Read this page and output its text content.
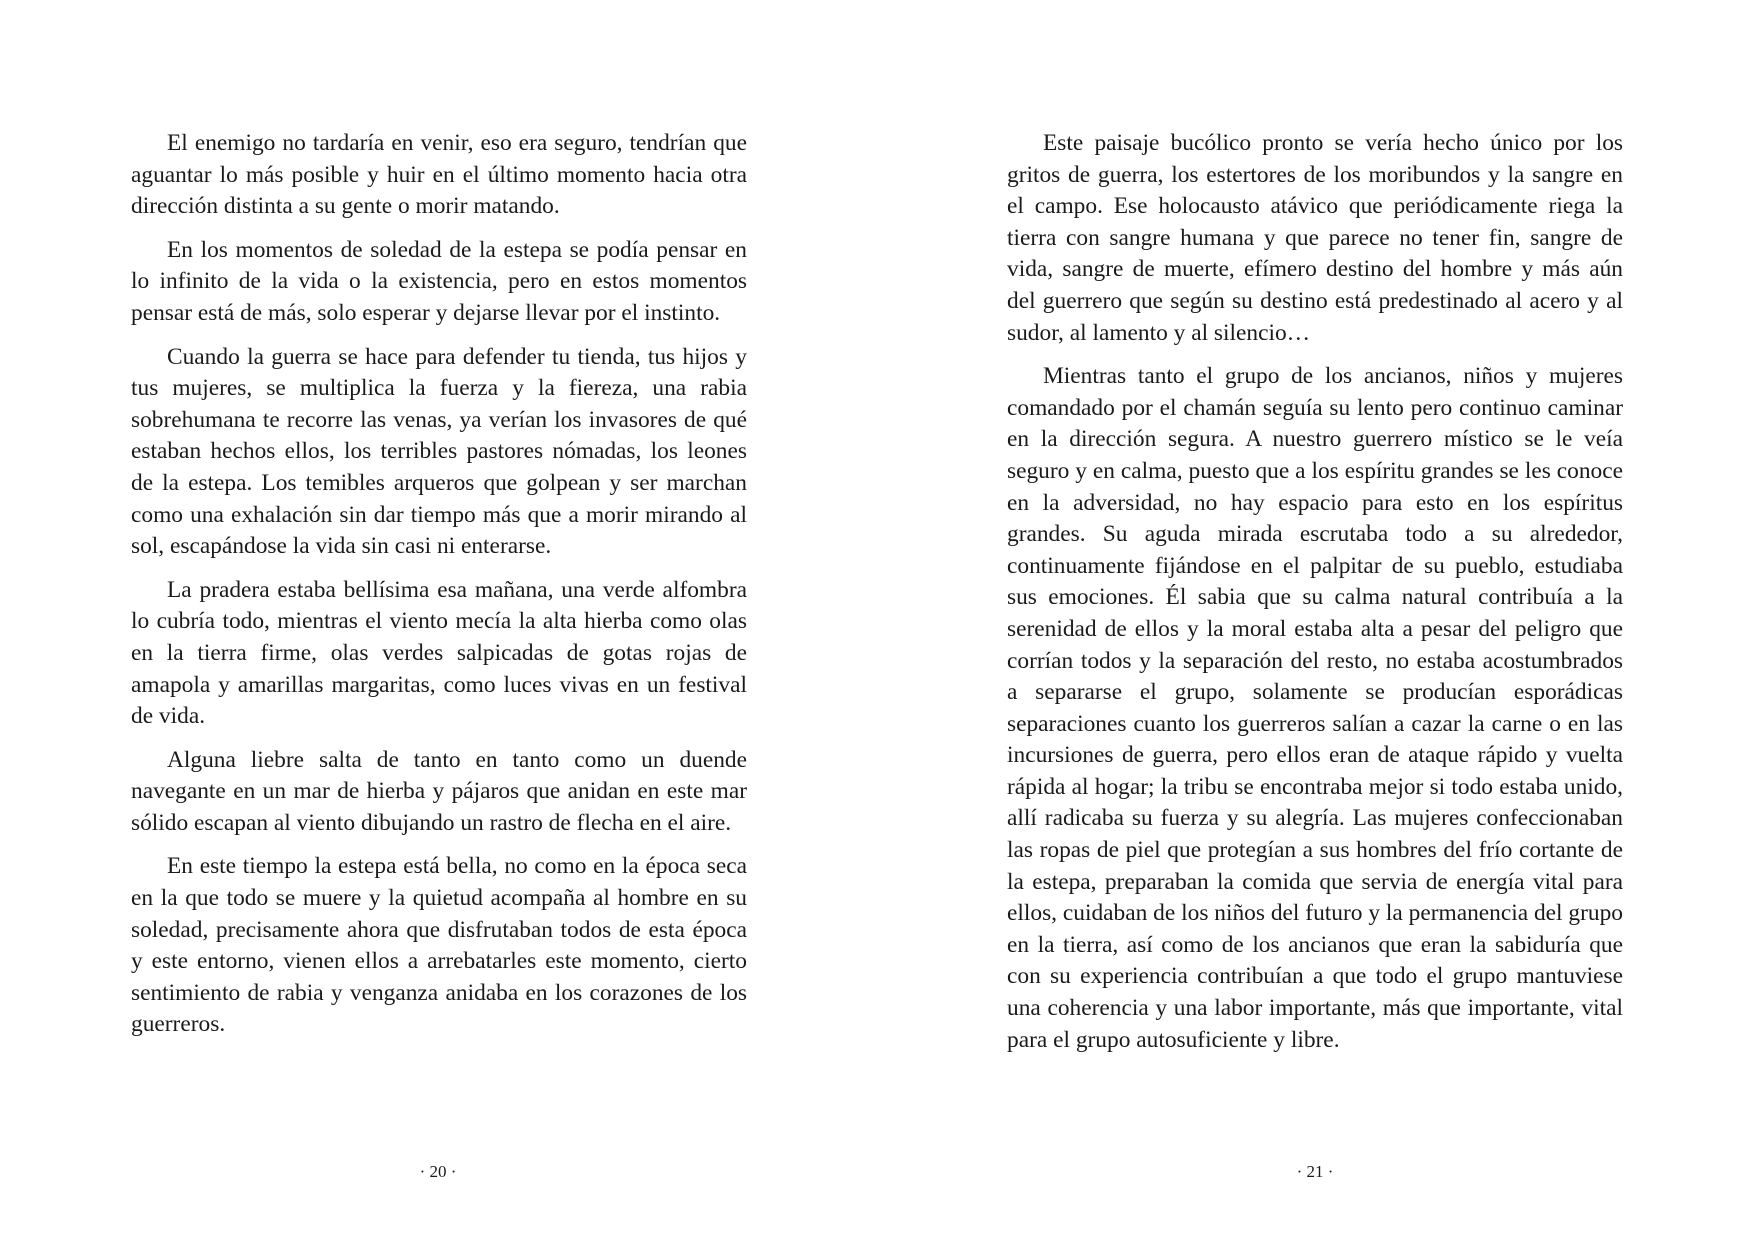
El enemigo no tardaría en venir, eso era seguro, tendrían que aguantar lo más posible y huir en el último momento hacia otra dirección distinta a su gente o morir matando.

En los momentos de soledad de la estepa se podía pensar en lo infinito de la vida o la existencia, pero en estos momentos pensar está de más, solo esperar y dejarse llevar por el instinto.

Cuando la guerra se hace para defender tu tienda, tus hijos y tus mujeres, se multiplica la fuerza y la fiereza, una rabia sobrehumana te recorre las venas, ya verían los invasores de qué estaban hechos ellos, los terribles pastores nómadas, los leones de la estepa. Los temibles arqueros que golpean y ser marchan como una exhalación sin dar tiempo más que a morir mirando al sol, escapándose la vida sin casi ni enterarse.

La pradera estaba bellísima esa mañana, una verde alfombra lo cubría todo, mientras el viento mecía la alta hierba como olas en la tierra firme, olas verdes salpicadas de gotas rojas de amapola y amarillas margaritas, como luces vivas en un festival de vida.

Alguna liebre salta de tanto en tanto como un duende navegante en un mar de hierba y pájaros que anidan en este mar sólido escapan al viento dibujando un rastro de flecha en el aire.

En este tiempo la estepa está bella, no como en la época seca en la que todo se muere y la quietud acompaña al hombre en su soledad, precisamente ahora que disfrutaban todos de esta época y este entorno, vienen ellos a arrebatarles este momento, cierto sentimiento de rabia y venganza anidaba en los corazones de los guerreros.

Este paisaje bucólico pronto se vería hecho único por los gritos de guerra, los estertores de los moribundos y la sangre en el campo. Ese holocausto atávico que periódicamente riega la tierra con sangre humana y que parece no tener fin, sangre de vida, sangre de muerte, efímero destino del hombre y más aún del guerrero que según su destino está predestinado al acero y al sudor, al lamento y al silencio…

Mientras tanto el grupo de los ancianos, niños y mujeres comandado por el chamán seguía su lento pero continuo caminar en la dirección segura. A nuestro guerrero místico se le veía seguro y en calma, puesto que a los espíritu grandes se les conoce en la adversidad, no hay espacio para esto en los espíritus grandes. Su aguda mirada escrutaba todo a su alrededor, continuamente fijándose en el palpitar de su pueblo, estudiaba sus emociones. Él sabia que su calma natural contribuía a la serenidad de ellos y la moral estaba alta a pesar del peligro que corrían todos y la separación del resto, no estaba acostumbrados a separarse el grupo, solamente se producían esporádicas separaciones cuanto los guerreros salían a cazar la carne o en las incursiones de guerra, pero ellos eran de ataque rápido y vuelta rápida al hogar; la tribu se encontraba mejor si todo estaba unido, allí radicaba su fuerza y su alegría. Las mujeres confeccionaban las ropas de piel que protegían a sus hombres del frío cortante de la estepa, preparaban la comida que servia de energía vital para ellos, cuidaban de los niños del futuro y la permanencia del grupo en la tierra, así como de los ancianos que eran la sabiduría que con su experiencia contribuían a que todo el grupo mantuviese una coherencia y una labor importante, más que importante, vital para el grupo autosuficiente y libre.

· 20 ·	· 21 ·
